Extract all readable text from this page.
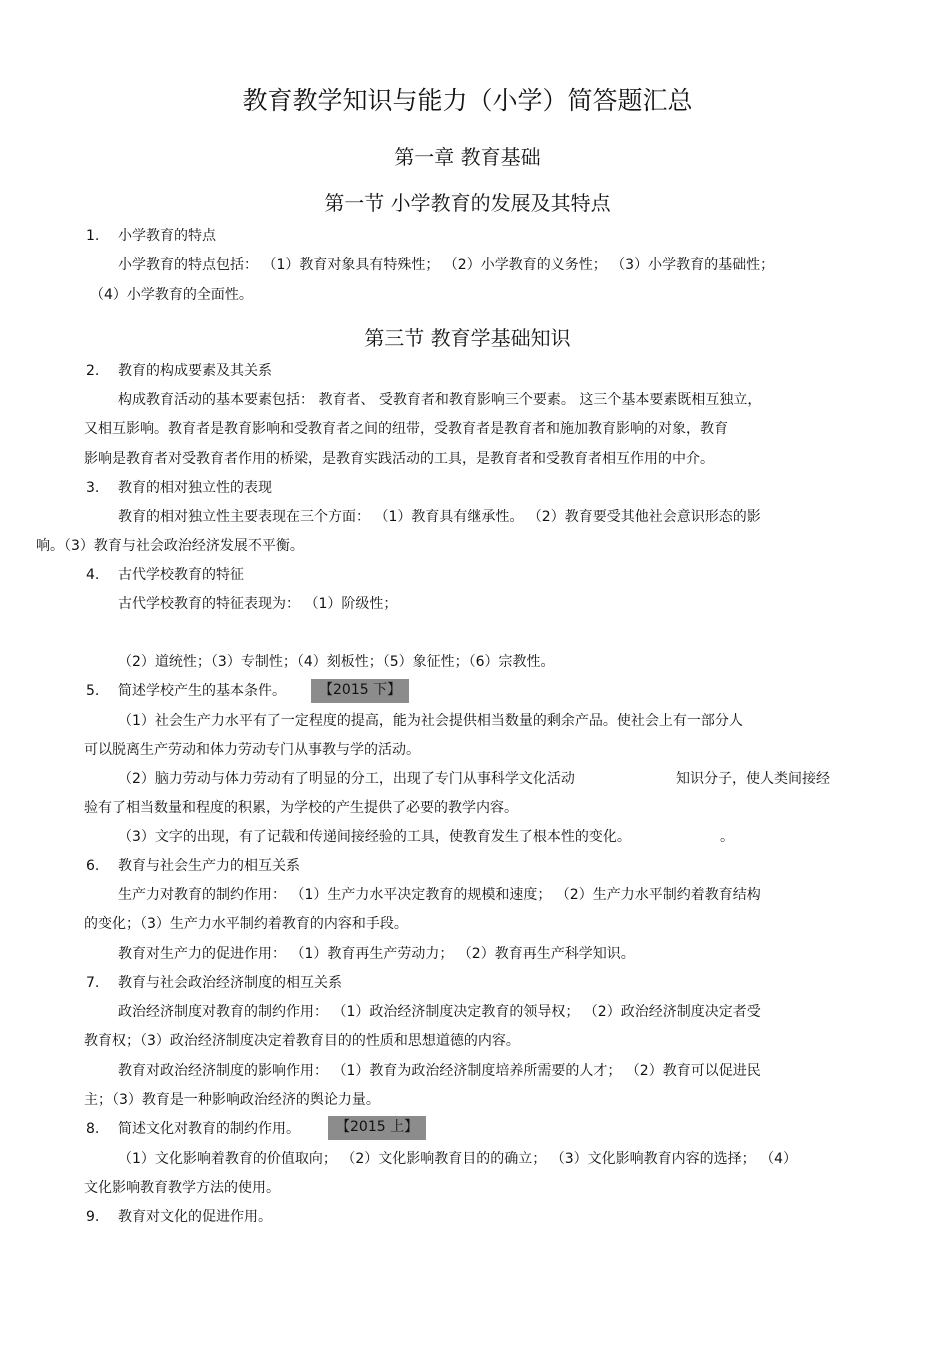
教育教学知识与能力（小学）简答题汇总
第一章 教育基础
第一节 小学教育的发展及其特点
1. 小学教育的特点
小学教育的特点包括： （1）教育对象具有特殊性； （2）小学教育的义务性； （3）小学教育的基础性；
（4）小学教育的全面性。
第三节 教育学基础知识
2. 教育的构成要素及其关系
构成教育活动的基本要素包括： 教育者、 受教育者和教育影响三个要素。 这三个基本要素既相互独立，
又相互影响。教育者是教育影响和受教育者之间的纽带，受教育者是教育者和施加教育影响的对象，教育
影响是教育者对受教育者作用的桥梁，是教育实践活动的工具，是教育者和受教育者相互作用的中介。
3. 教育的相对独立性的表现
教育的相对独立性主要表现在三个方面： （1）教育具有继承性。 （2）教育要受其他社会意识形态的影
响。（3）教育与社会政治经济发展不平衡。
4. 古代学校教育的特征
古代学校教育的特征表现为： （1）阶级性；
（2）道统性；（3）专制性；（4）刻板性；（5）象征性；（6）宗教性。
5. 简述学校产生的基本条件。	【2015 下】
（1）社会生产力水平有了一定程度的提高，能为社会提供相当数量的剩余产品。使社会上有一部分人
可以脱离生产劳动和体力劳动专门从事教与学的活动。
（2）脑力劳动与体力劳动有了明显的分工，出现了专门从事科学文化活动	知识分子，使人类间接经
验有了相当数量和程度的积累，为学校的产生提供了必要的教学内容。
（3）文字的出现，有了记载和传递间接经验的工具，使教育发生了根本性的变化。	。
6. 教育与社会生产力的相互关系
生产力对教育的制约作用： （1）生产力水平决定教育的规模和速度； （2）生产力水平制约着教育结构
的变化；（3）生产力水平制约着教育的内容和手段。
教育对生产力的促进作用： （1）教育再生产劳动力； （2）教育再生产科学知识。
7. 教育与社会政治经济制度的相互关系
政治经济制度对教育的制约作用： （1）政治经济制度决定教育的领导权； （2）政治经济制度决定者受
教育权；（3）政治经济制度决定着教育目的的性质和思想道德的内容。
教育对政治经济制度的影响作用： （1）教育为政治经济制度培养所需要的人才； （2）教育可以促进民
主；（3）教育是一种影响政治经济的舆论力量。
8. 简述文化对教育的制约作用。	【2015 上】
（1）文化影响着教育的价值取向； （2）文化影响教育目的的确立； （3）文化影响教育内容的选择； （4）
文化影响教育教学方法的使用。
9. 教育对文化的促进作用。
